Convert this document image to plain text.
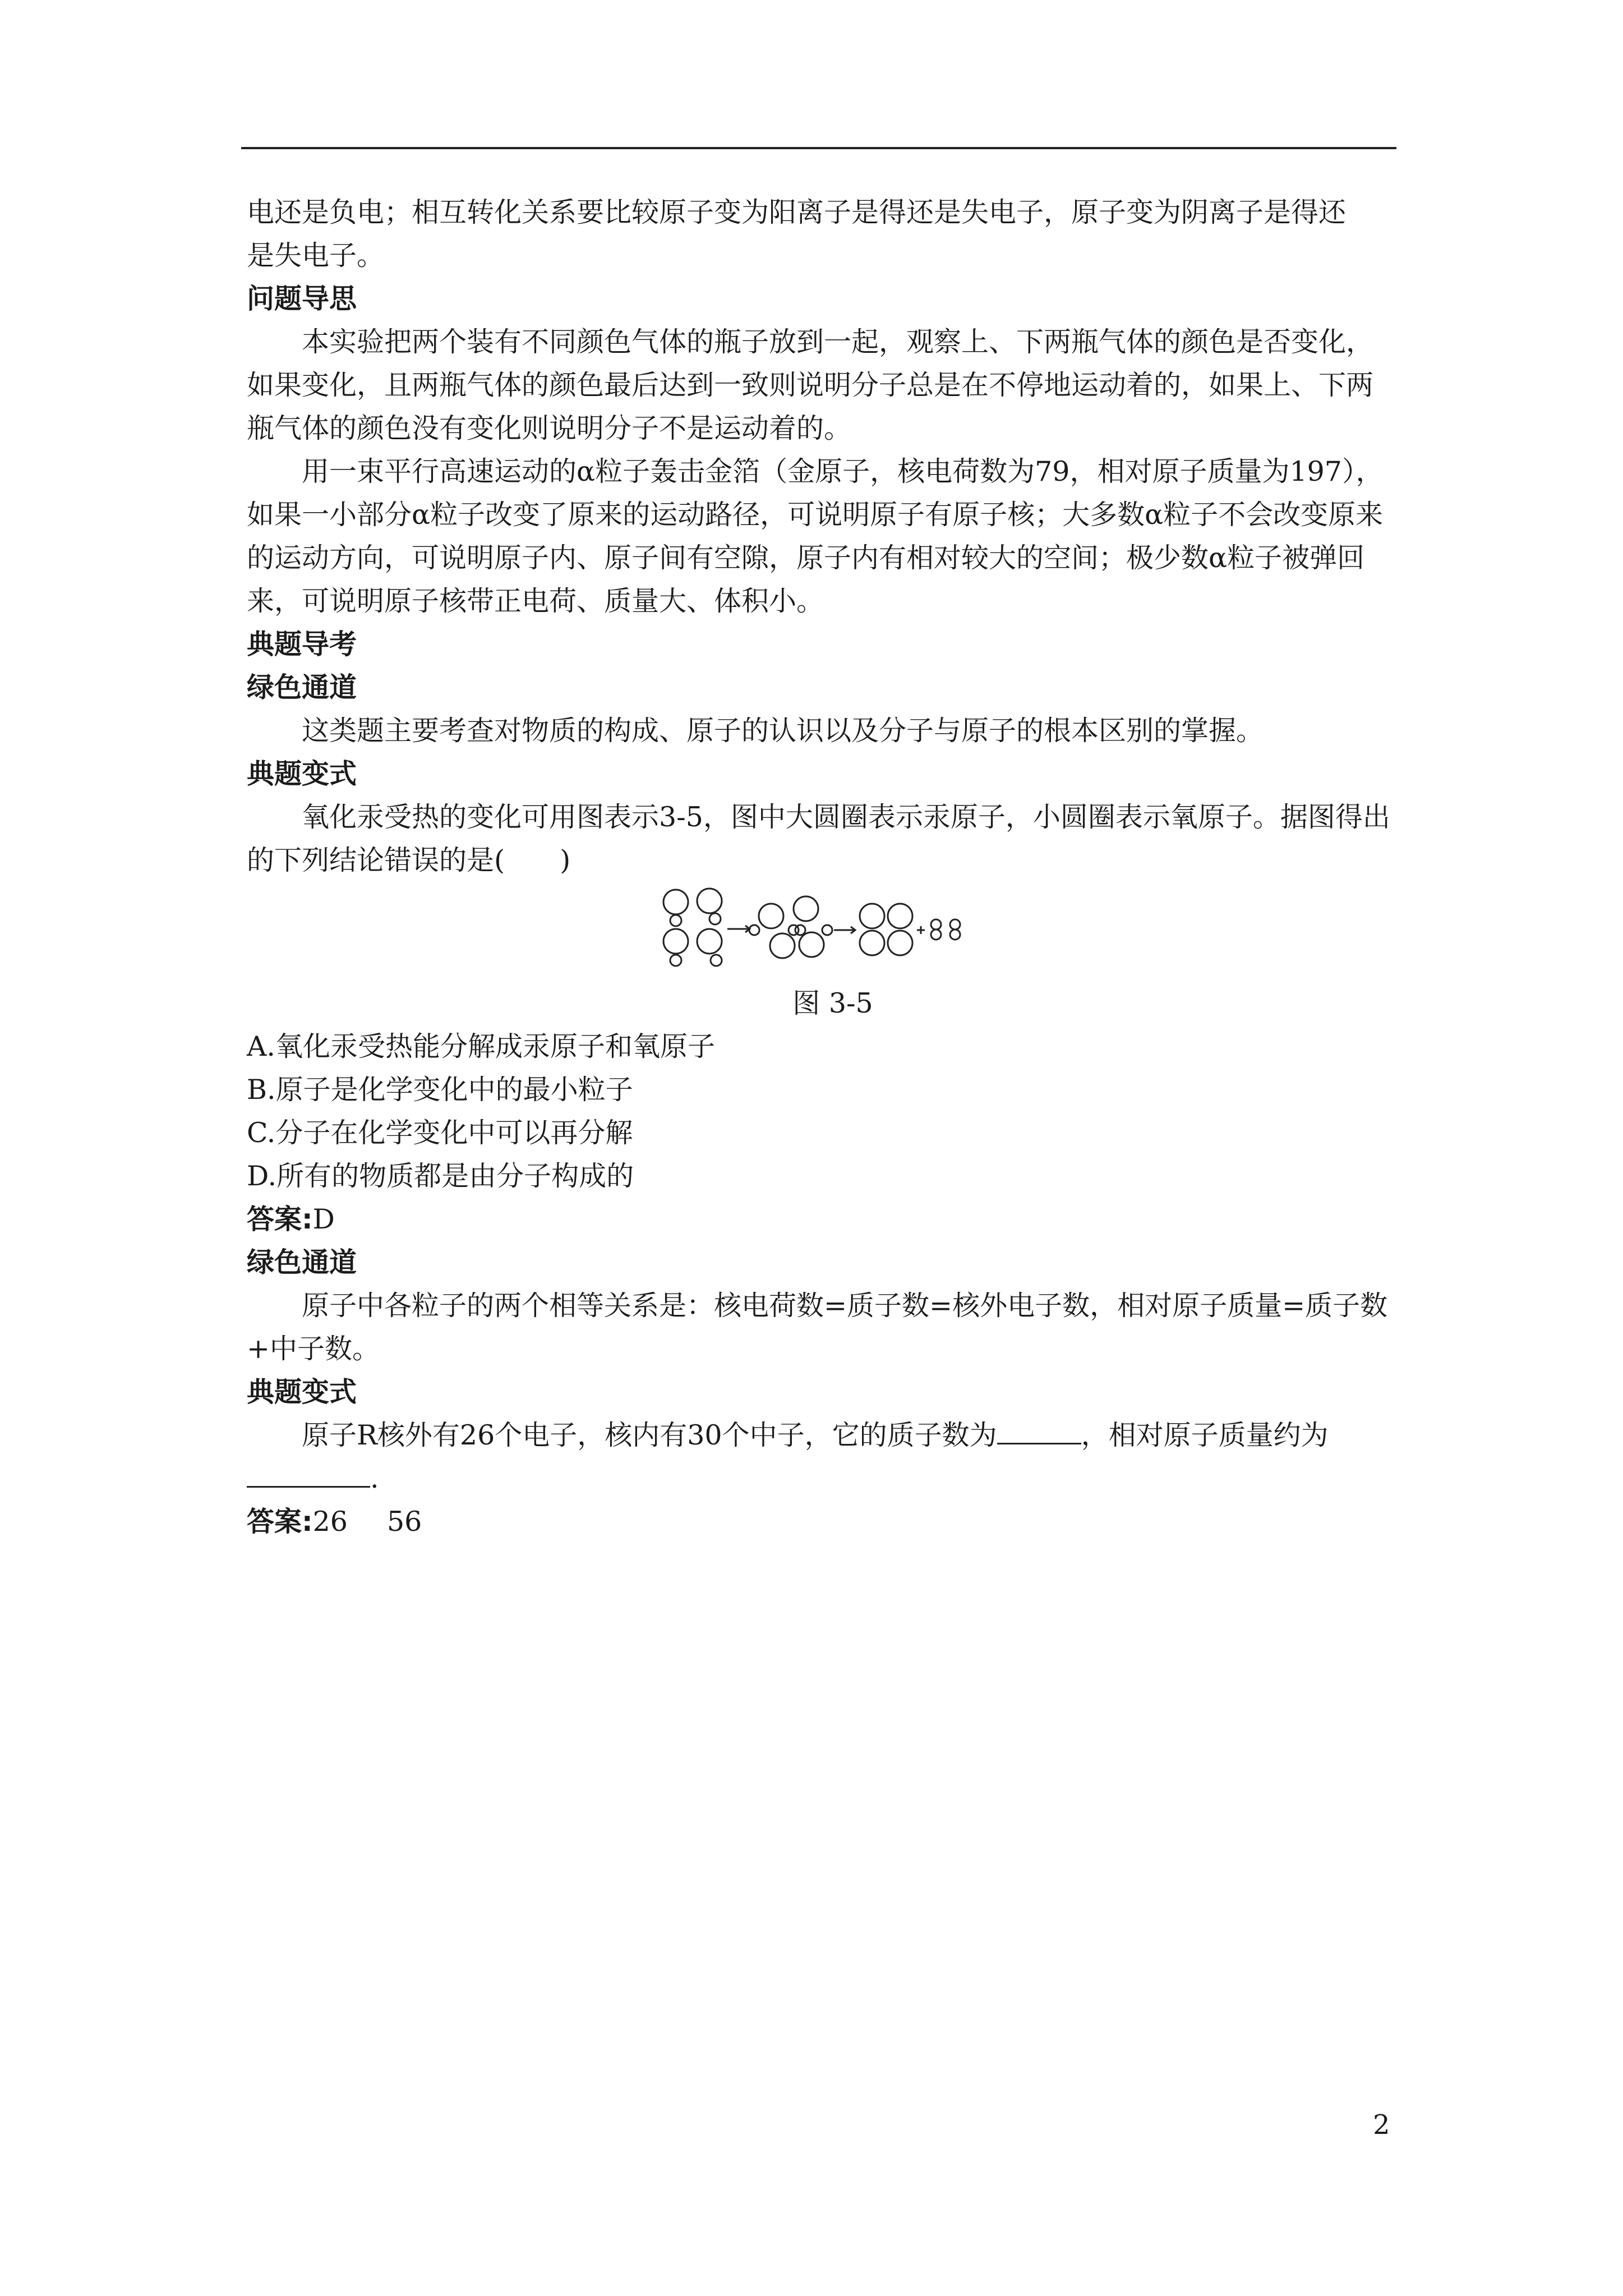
电还是负电；相互转化关系要比较原子变为阳离子是得还是失电子，原子变为阴离子是得还

是失电子。

问题导思

本实验把两个装有不同颜色气体的瓶子放到一起，观察上、下两瓶气体的颜色是否变化，如果变化，且两瓶气体的颜色最后达到一致则说明分子总是在不停地运动着的，如果上、下两瓶气体的颜色没有变化则说明分子不是运动着的。

用一束平行高速运动的α粒子轰击金箔（金原子，核电荷数为79，相对原子质量为197），如果一小部分α粒子改变了原来的运动路径，可说明原子有原子核；大多数α粒子不会改变原来的运动方向，可说明原子内、原子间有空隙，原子内有相对较大的空间；极少数α粒子被弹回来，可说明原子核带正电荷、质量大、体积小。

典题导考

绿色通道

这类题主要考查对物质的构成、原子的认识以及分子与原子的根本区别的掌握。

典题变式

氧化汞受热的变化可用图表示3-5，图中大圆圈表示汞原子，小圆圈表示氧原子。据图得出的下列结论错误的是(　　)

图 3-5

A.氧化汞受热能分解成汞原子和氧原子

B.原子是化学变化中的最小粒子

C.分子在化学变化中可以再分解

D.所有的物质都是由分子构成的

答案:D

绿色通道

原子中各粒子的两个相等关系是：核电荷数=质子数=核外电子数，相对原子质量=质子数+中子数。

典题变式

原子R核外有26个电子，核内有30个中子，它的质子数为	，相对原子质量约为.

答案:26 56

2
